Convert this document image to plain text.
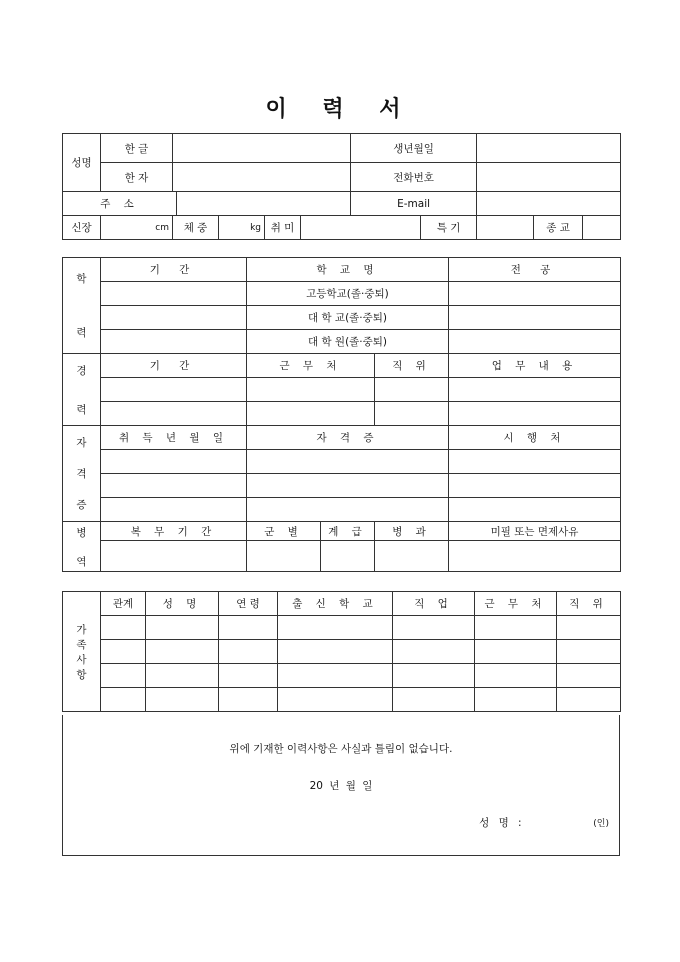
이 력 서
성명	한 글						생년월일				
	한 자						전화번호				
주 소							E-mail				
신장	cm	체 중		kg	취 미			특 기		종 교	
학
력	기 간	학 교 명			전 공
		고등학교(졸·중퇴)			
		대 학 교(졸·중퇴)			
		대 학 원(졸·중퇴)			

경
력	기 간	근 무 처		직 위	업 무 내 용

자
격
증	취 득 년 월 일	자 격 증			시 행 처

병
역	복 무 기 간	군 별	계 급	병 과	미필 또는 면제사유

가
족
사
항	관계	성 명	연 령	출 신 학 교	직 업	근 무 처	직 위

위에 기재한 이력사항은 사실과 틀림이 없습니다.
20 년 월 일
성 명 :	(인)
